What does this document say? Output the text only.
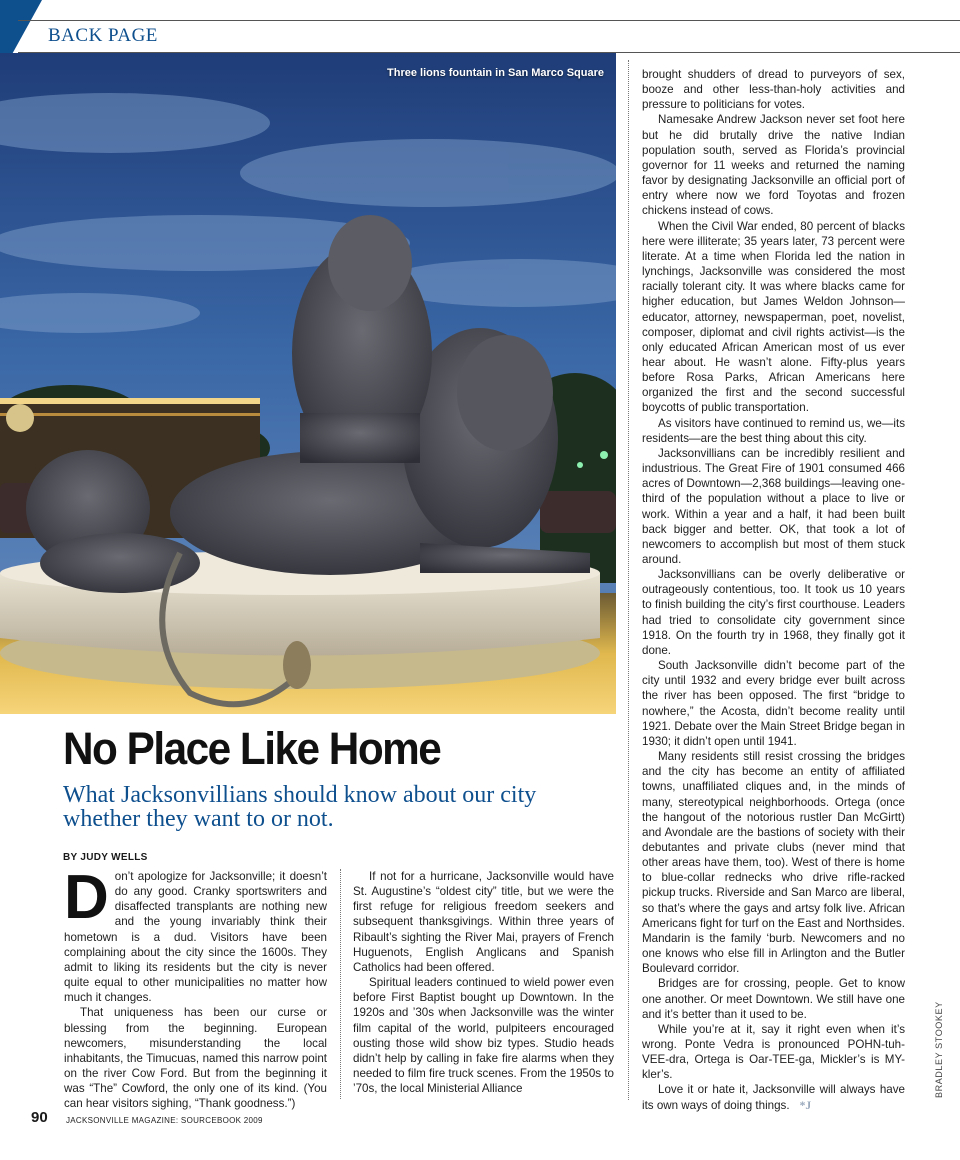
BACK PAGE
Three lions fountain in San Marco Square
No Place Like Home
What Jacksonvillians should know about our city whether they want to or not.
BY JUDY WELLS

Don’t apologize for Jacksonville; it doesn’t do any good. Cranky sportswriters and disaffected transplants are nothing new and the young invariably think their hometown is a dud. Visitors have been complaining about the city since the 1600s. They admit to liking its residents but the city is never quite equal to other municipalities no matter how much it changes.

That uniqueness has been our curse or blessing from the beginning. European newcomers, misunderstanding the local inhabitants, the Timucuas, named this narrow point on the river Cow Ford. But from the beginning it was “The” Cowford, the only one of its kind. (You can hear visitors sighing, “Thank goodness.”)

If not for a hurricane, Jacksonville would have St. Augustine’s “oldest city” title, but we were the first refuge for religious freedom seekers and subsequent thanksgivings. Within three years of Ribault’s sighting the River Mai, prayers of French Huguenots, English Anglicans and Spanish Catholics had been offered.

Spiritual leaders continued to wield power even before First Baptist bought up Downtown. In the 1920s and ’30s when Jacksonville was the winter film capital of the world, pulpiteers encouraged ousting those wild show biz types. Studio heads didn’t help by calling in fake fire alarms when they needed to film fire truck scenes. From the 1950s to ’70s, the local Ministerial Alliance

brought shudders of dread to purveyors of sex, booze and other less-than-holy activities and pressure to politicians for votes.

Namesake Andrew Jackson never set foot here but he did brutally drive the native Indian population south, served as Florida’s provincial governor for 11 weeks and returned the naming favor by designating Jacksonville an official port of entry where now we ford Toyotas and frozen chickens instead of cows.

When the Civil War ended, 80 percent of blacks here were illiterate; 35 years later, 73 percent were literate. At a time when Florida led the nation in lynchings, Jacksonville was considered the most racially tolerant city. It was where blacks came for higher education, but James Weldon Johnson—educator, attorney, newspaperman, poet, novelist, composer, diplomat and civil rights activist—is the only educated African American most of us ever hear about. He wasn’t alone. Fifty-plus years before Rosa Parks, African Americans here organized the first and the second successful boycotts of public transportation.

As visitors have continued to remind us, we—its residents—are the best thing about this city.

Jacksonvillians can be incredibly resilient and industrious. The Great Fire of 1901 consumed 466 acres of Downtown—2,368 buildings—leaving one-third of the population without a place to live or work. Within a year and a half, it had been built back bigger and better. OK, that took a lot of newcomers to accomplish but most of them stuck around.

Jacksonvillians can be overly deliberative or outrageously contentious, too. It took us 10 years to finish building the city’s first courthouse. Leaders had tried to consolidate city government since 1918. On the fourth try in 1968, they finally got it done.

South Jacksonville didn’t become part of the city until 1932 and every bridge ever built across the river has been opposed. The first “bridge to nowhere,” the Acosta, didn’t become reality until 1921. Debate over the Main Street Bridge began in 1930; it didn’t open until 1941.

Many residents still resist crossing the bridges and the city has become an entity of affiliated towns, unaffiliated cliques and, in the minds of many, stereotypical neighborhoods. Ortega (once the hangout of the notorious rustler Dan McGirtt) and Avondale are the bastions of society with their debutantes and private clubs (never mind that other areas have them, too). West of there is home to blue-collar rednecks who drive rifle-racked pickup trucks. Riverside and San Marco are liberal, so that’s where the gays and artsy folk live. African Americans fight for turf on the East and Northsides. Mandarin is the family ‘burb. Newcomers and no one knows who else fill in Arlington and the Butler Boulevard corridor.

Bridges are for crossing, people. Get to know one another. Or meet Downtown. We still have one and it’s better than it used to be.

While you’re at it, say it right even when it’s wrong. Ponte Vedra is pronounced POHN-tuh-VEE-dra, Ortega is Oar-TEE-ga, Mickler’s is MY-kler’s.

Love it or hate it, Jacksonville will always have its own ways of doing things. *J

BRADLEY STOOKEY
90 JACKSONVILLE MAGAZINE: SOURCEBOOK 2009
